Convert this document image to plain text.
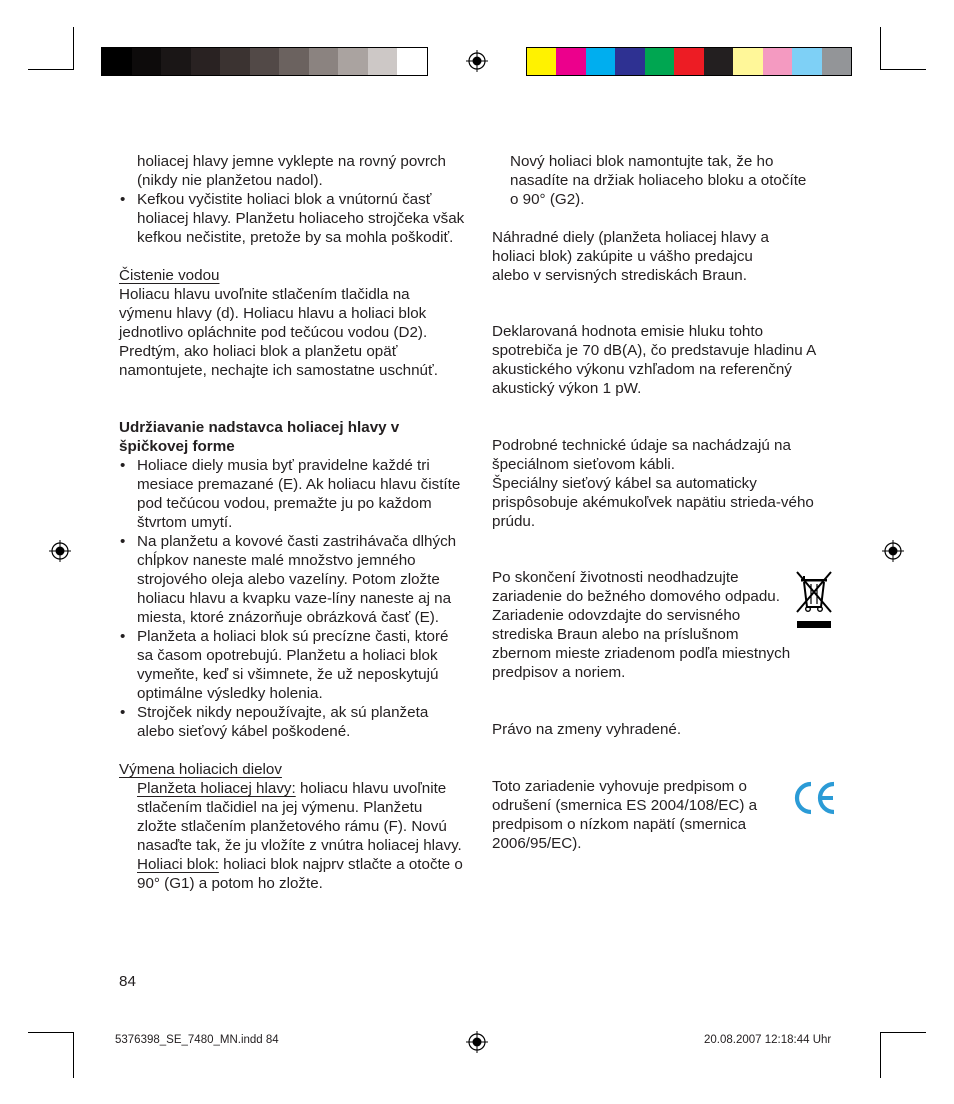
holiacej hlavy jemne vyklepte na rovný povrch (nikdy nie planžetou nadol).

• Kefkou vyčistite holiaci blok a vnútornú časť holiacej hlavy. Planžetu holiaceho strojčeka však kefkou nečistite, pretože by sa mohla poškodiť.

Čistenie vodou

Holiacu hlavu uvoľnite stlačením tlačidla na výmenu hlavy (d). Holiacu hlavu a holiaci blok jednotlivo opláchnite pod tečúcou vodou (D2). Predtým, ako holiaci blok a planžetu opäť namontujete, nechajte ich samostatne uschnúť.

Udržiavanie nadstavca holiacej hlavy v špičkovej forme

• Holiace diely musia byť pravidelne každé tri mesiace premazané (E). Ak holiacu hlavu čistíte pod tečúcou vodou, premažte ju po každom štvrtom umytí.

• Na planžetu a kovové časti zastrihávača dlhých chĺpkov naneste malé množstvo jemného strojového oleja alebo vazelíny. Potom zložte holiacu hlavu a kvapku vaze-líny naneste aj na miesta, ktoré znázorňuje obrázková časť (E).

• Planžeta a holiaci blok sú precízne časti, ktoré sa časom opotrebujú. Planžetu a holiaci blok vymeňte, keď si všimnete, že už neposkytujú optimálne výsledky holenia.

• Strojček nikdy nepoužívajte, ak sú planžeta alebo sieťový kábel poškodené.

Výmena holiacich dielov

Planžeta holiacej hlavy: holiacu hlavu uvoľnite stlačením tlačidiel na jej výmenu. Planžetu zložte stlačením planžetového rámu (F). Novú nasaďte tak, že ju vložíte z vnútra holiacej hlavy.

Holiaci blok: holiaci blok najprv stlačte a otočte o 90° (G1) a potom ho zložte.

84

Nový holiaci blok namontujte tak, že ho nasadíte na držiak holiaceho bloku a otočíte o 90° (G2).

Náhradné diely (planžeta holiacej hlavy a holiaci blok) zakúpite u vášho predajcu alebo v servisných strediskách Braun.

Deklarovaná hodnota emisie hluku tohto spotrebiča je 70 dB(A), čo predstavuje hladinu A akustického výkonu vzhľadom na referenčný akustický výkon 1 pW.

Podrobné technické údaje sa nachádzajú na špeciálnom sieťovom kábli.

Špeciálny sieťový kábel sa automaticky prispôsobuje akémukoľvek napätiu strieda-vého prúdu.

Po skončení životnosti neodhadzujte zariadenie do bežného domového odpadu. Zariadenie odovzdajte do servisného strediska Braun alebo na príslušnom zbernom mieste zriadenom podľa miestnych predpisov a noriem.

Právo na zmeny vyhradené.

Toto zariadenie vyhovuje predpisom o odrušení (smernica ES 2004/108/EC) a predpisom o nízkom napätí (smernica 2006/95/EC).

5376398_SE_7480_MN.indd 84	20.08.2007 12:18:44 Uhr
